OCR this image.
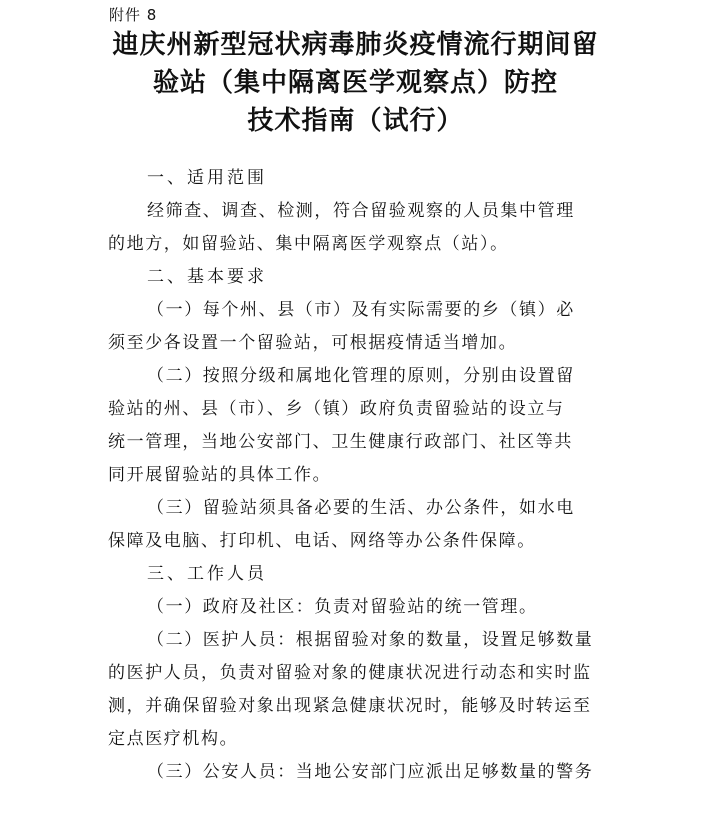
附件 8
迪庆州新型冠状病毒肺炎疫情流行期间留
验站（集中隔离医学观察点）防控
技术指南（试行）
一、适用范围
经筛查、调查、检测，符合留验观察的人员集中管理
的地方，如留验站、集中隔离医学观察点（站）。
二、基本要求
（一）每个州、县（市）及有实际需要的乡（镇）必
须至少各设置一个留验站，可根据疫情适当增加。
（二）按照分级和属地化管理的原则，分别由设置留
验站的州、县（市）、乡（镇）政府负责留验站的设立与
统一管理，当地公安部门、卫生健康行政部门、社区等共
同开展留验站的具体工作。
（三）留验站须具备必要的生活、办公条件，如水电
保障及电脑、打印机、电话、网络等办公条件保障。
三、工作人员
（一）政府及社区：负责对留验站的统一管理。
（二）医护人员：根据留验对象的数量，设置足够数量
的医护人员，负责对留验对象的健康状况进行动态和实时监
测，并确保留验对象出现紧急健康状况时，能够及时转运至
定点医疗机构。
（三）公安人员：当地公安部门应派出足够数量的警务
